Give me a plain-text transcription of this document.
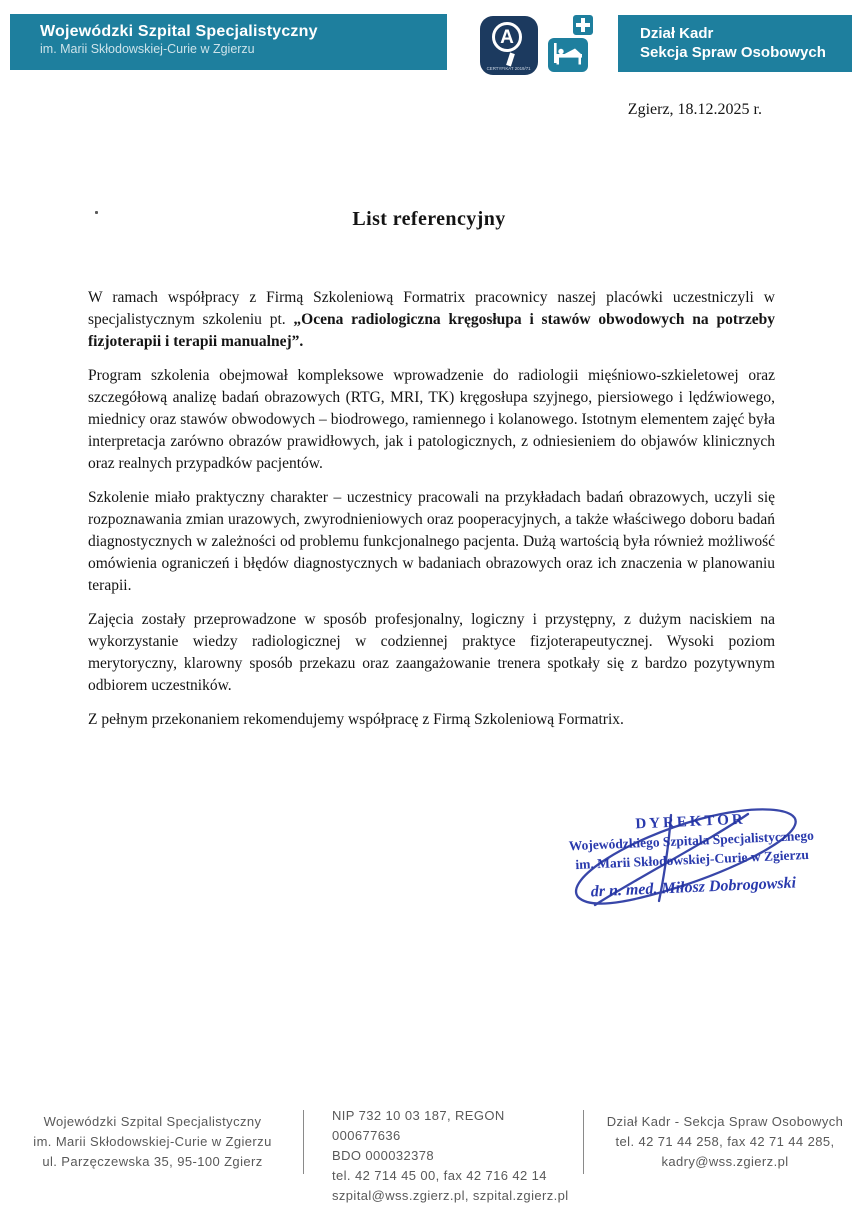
Wojewódzki Szpital Specjalistyczny
im. Marii Skłodowskiej-Curie w Zgierzu
A
CERTYFIKAT 2019/71
Dział Kadr
Sekcja Spraw Osobowych
Zgierz, 18.12.2025 r.
List referencyjny

W ramach współpracy z Firmą Szkoleniową Formatrix pracownicy naszej placówki uczestniczyli w specjalistycznym szkoleniu pt. „Ocena radiologiczna kręgosłupa i stawów obwodowych na potrzeby fizjoterapii i terapii manualnej”.

Program szkolenia obejmował kompleksowe wprowadzenie do radiologii mięśniowo-szkieletowej oraz szczegółową analizę badań obrazowych (RTG, MRI, TK) kręgosłupa szyjnego, piersiowego i lędźwiowego, miednicy oraz stawów obwodowych – biodrowego, ramiennego i kolanowego. Istotnym elementem zajęć była interpretacja zarówno obrazów prawidłowych, jak i patologicznych, z odniesieniem do objawów klinicznych oraz realnych przypadków pacjentów.

Szkolenie miało praktyczny charakter – uczestnicy pracowali na przykładach badań obrazowych, uczyli się rozpoznawania zmian urazowych, zwyrodnieniowych oraz pooperacyjnych, a także właściwego doboru badań diagnostycznych w zależności od problemu funkcjonalnego pacjenta. Dużą wartością była również możliwość omówienia ograniczeń i błędów diagnostycznych w badaniach obrazowych oraz ich znaczenia w planowaniu terapii.

Zajęcia zostały przeprowadzone w sposób profesjonalny, logiczny i przystępny, z dużym naciskiem na wykorzystanie wiedzy radiologicznej w codziennej praktyce fizjoterapeutycznej. Wysoki poziom merytoryczny, klarowny sposób przekazu oraz zaangażowanie trenera spotkały się z bardzo pozytywnym odbiorem uczestników.

Z pełnym przekonaniem rekomendujemy współpracę z Firmą Szkoleniową Formatrix.

DYREKTOR
Wojewódzkiego Szpitala Specjalistycznego
im. Marii Skłodowskiej-Curie w Zgierzu
dr n. med. Miłosz Dobrogowski
Wojewódzki Szpital Specjalistyczny
im. Marii Skłodowskiej-Curie w Zgierzu
ul. Parzęczewska 35, 95-100 Zgierz
NIP 732 10 03 187, REGON 000677636
BDO 000032378
tel. 42 714 45 00, fax 42 716 42 14
szpital@wss.zgierz.pl, szpital.zgierz.pl
Dział Kadr - Sekcja Spraw Osobowych
tel. 42 71 44 258, fax 42 71 44 285,
kadry@wss.zgierz.pl
